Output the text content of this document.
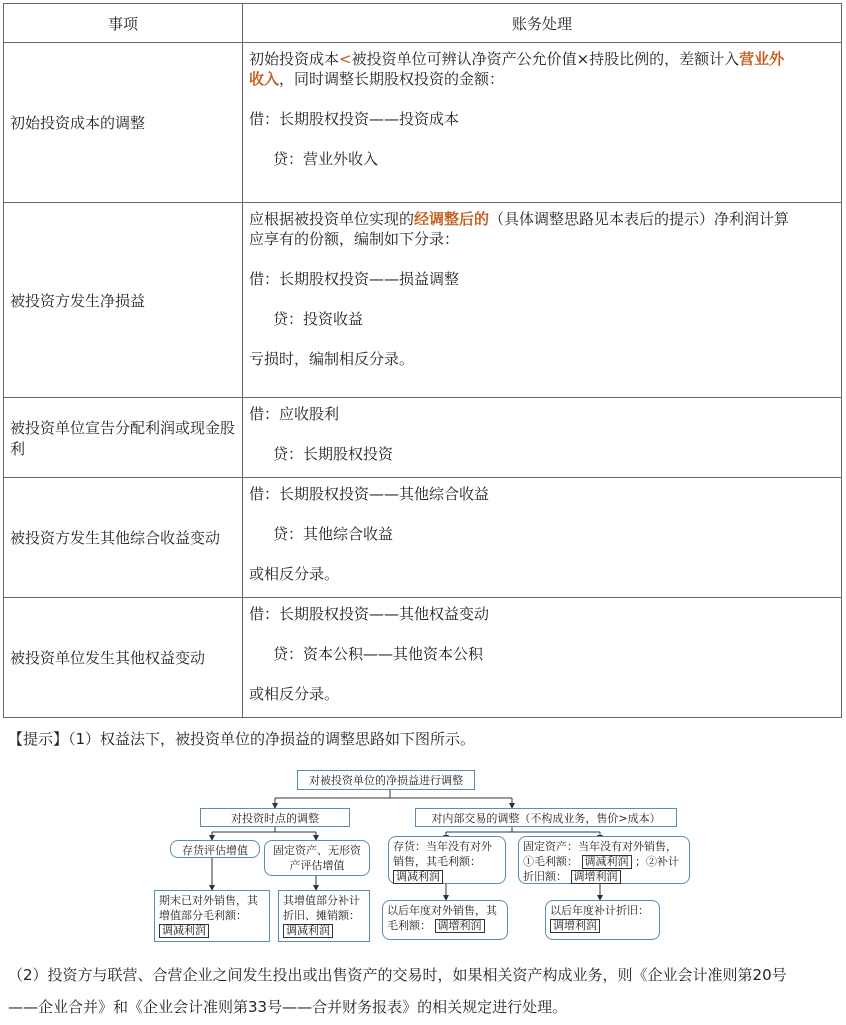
事项	账务处理
初始投资成本的调整	初始投资成本<被投资单位可辨认净资产公允价值×持股比例的，差额计入营业外
收入，同时调整长期股权投资的金额：
借：长期股权投资——投资成本
贷：营业外收入

被投资方发生净损益	应根据被投资单位实现的经调整后的（具体调整思路见本表后的提示）净利润计算
应享有的份额，编制如下分录：
借：长期股权投资——损益调整
贷：投资收益
亏损时，编制相反分录。

被投资单位宣告分配利润或现金股利	借：应收股利
贷：长期股权投资

被投资方发生其他综合收益变动	借：长期股权投资——其他综合收益
贷：其他综合收益
或相反分录。

被投资单位发生其他权益变动	借：长期股权投资——其他权益变动
贷：资本公积——其他资本公积
或相反分录。
【提示】（1）权益法下，被投资单位的净损益的调整思路如下图所示。
对被投资单位的净损益进行调整
对投资时点的调整	对内部交易的调整（不构成业务，售价>成本）
存货评估增值	固定资产、无形资产评估增值
期末已对外销售，其增值部分毛利额： 调减利润
其增值部分补计折旧、摊销额： 调减利润
存货：当年没有对外销售，其毛利额： 调减利润
固定资产：当年没有对外销售， ①毛利额： 调减利润 ；②补计折旧额： 调增利润
以后年度对外销售，其毛利额： 调增利润
以后年度补计折旧： 调增利润
（2）投资方与联营、合营企业之间发生投出或出售资产的交易时，如果相关资产构成业务，则《企业会计准则第20号
——企业合并》和《企业会计准则第33号——合并财务报表》的相关规定进行处理。
